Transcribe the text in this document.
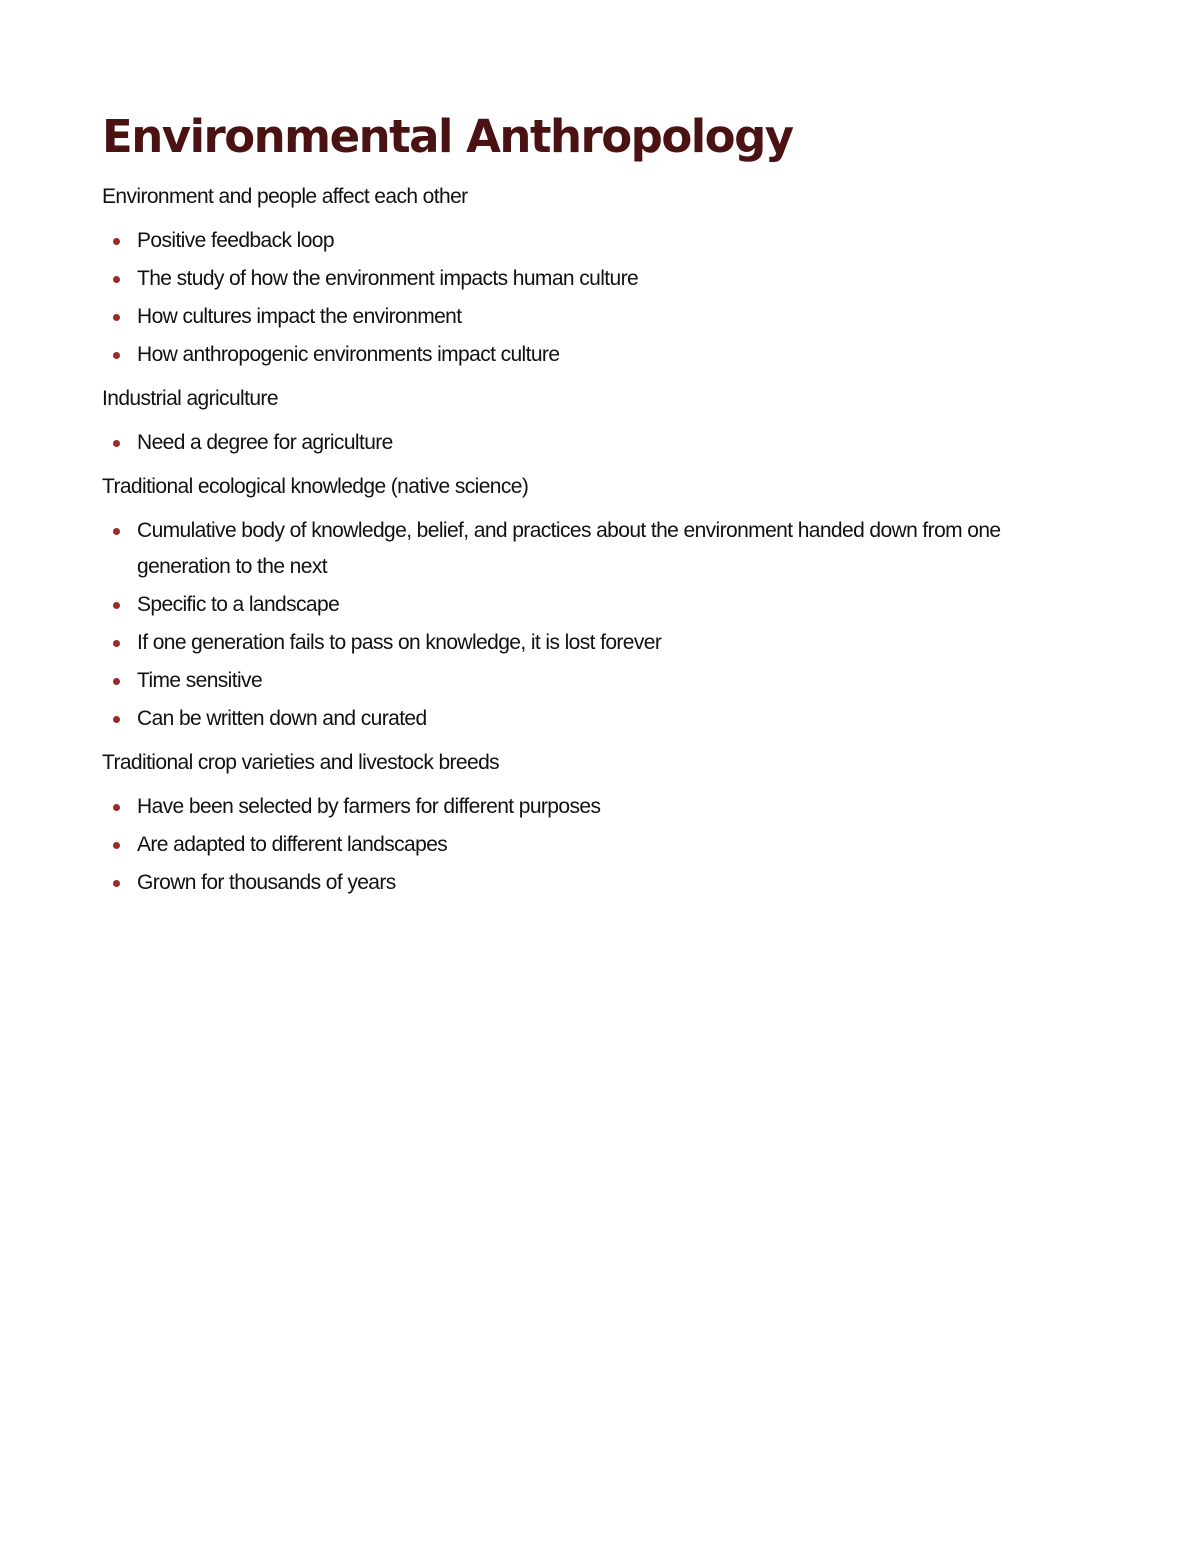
Environmental Anthropology

Environment and people affect each other

Positive feedback loop
The study of how the environment impacts human culture
How cultures impact the environment
How anthropogenic environments impact culture

Industrial agriculture

Need a degree for agriculture

Traditional ecological knowledge (native science)

Cumulative body of knowledge, belief, and practices about the environment handed down from one generation to the next
Specific to a landscape
If one generation fails to pass on knowledge, it is lost forever
Time sensitive
Can be written down and curated

Traditional crop varieties and livestock breeds

Have been selected by farmers for different purposes
Are adapted to different landscapes
Grown for thousands of years
